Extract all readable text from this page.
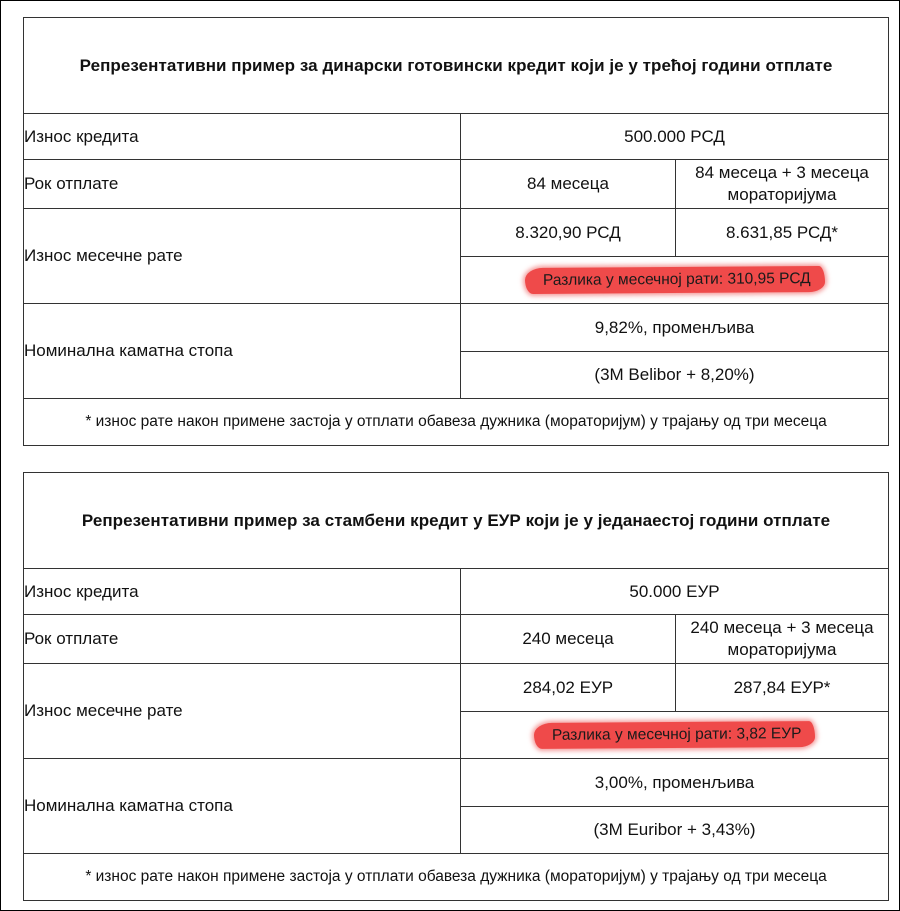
Репрезентативни пример за динарски готовински кредит који је у трећој години отплате		
Износ кредита	500.000 РСД	
Рок отплате	84 месеца	84 месеца + 3 месеца мораторијума
Износ месечне рате	8.320,90 РСД	8.631,85 РСД*
	Разлика у месечној рати: 310,95 РСД	
Номинална каматна стопа	9,82%, променљива	
	(3M Belibor + 8,20%)	
* износ рате након примене застоја у отплати обавеза дужника (мораторијум) у трајању од три месеца		
Репрезентативни пример за стамбени кредит у ЕУР који је у једанаестој години отплате		
Износ кредита	50.000 ЕУР	
Рок отплате	240 месеца	240 месеца + 3 месеца мораторијума
Износ месечне рате	284,02 ЕУР	287,84 ЕУР*
	Разлика у месечној рати: 3,82 ЕУР	
Номинална каматна стопа	3,00%, променљива	
	(3M Euribor + 3,43%)	
* износ рате након примене застоја у отплати обавеза дужника (мораторијум) у трајању од три месеца		
